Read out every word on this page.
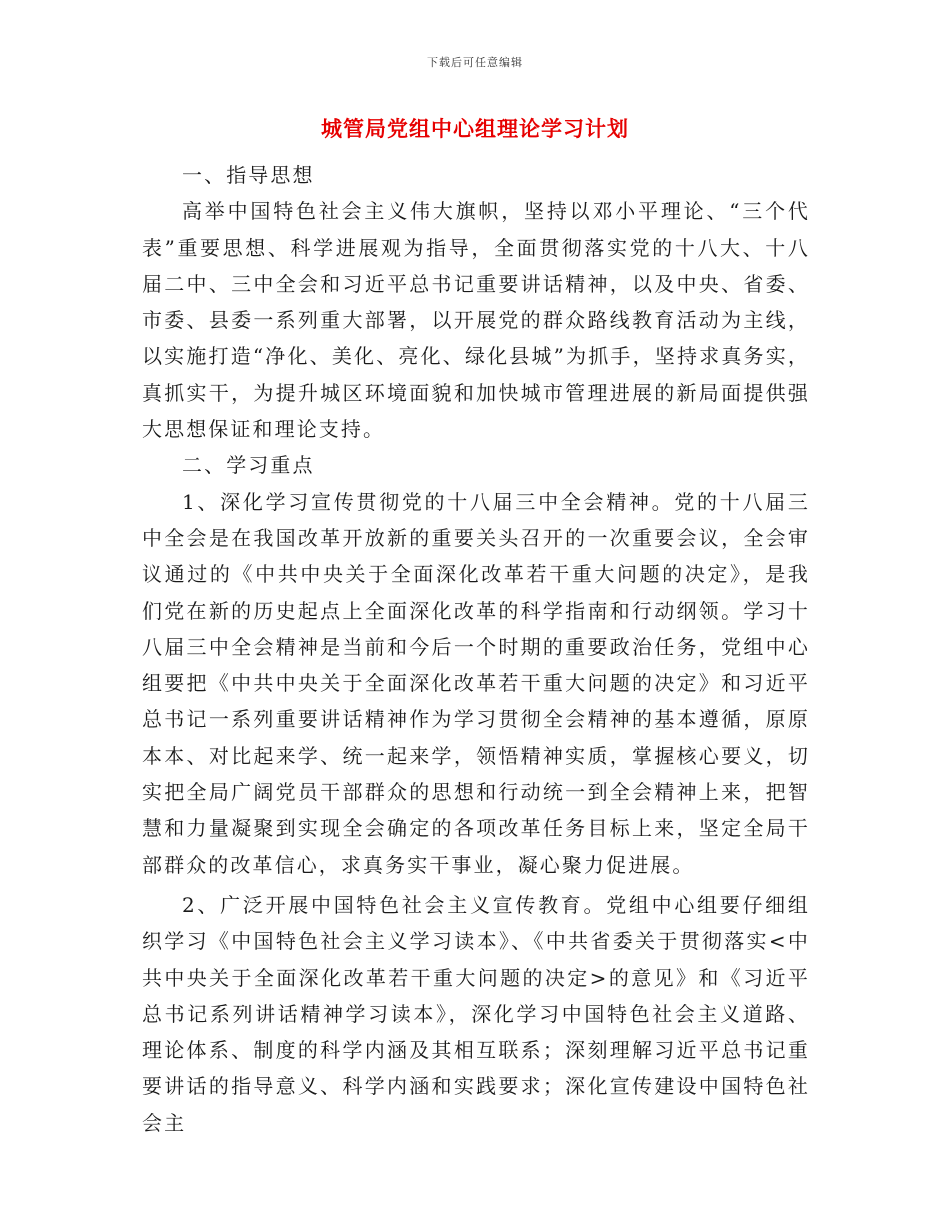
下载后可任意编辑
城管局党组中心组理论学习计划

一、指导思想

高举中国特色社会主义伟大旗帜，坚持以邓小平理论、“三个代表”重要思想、科学进展观为指导，全面贯彻落实党的十八大、十八届二中、三中全会和习近平总书记重要讲话精神，以及中央、省委、市委、县委一系列重大部署，以开展党的群众路线教育活动为主线，以实施打造“净化、美化、亮化、绿化县城”为抓手，坚持求真务实，真抓实干，为提升城区环境面貌和加快城市管理进展的新局面提供强大思想保证和理论支持。

二、学习重点

1、深化学习宣传贯彻党的十八届三中全会精神。党的十八届三中全会是在我国改革开放新的重要关头召开的一次重要会议，全会审议通过的《中共中央关于全面深化改革若干重大问题的决定》，是我们党在新的历史起点上全面深化改革的科学指南和行动纲领。学习十八届三中全会精神是当前和今后一个时期的重要政治任务，党组中心组要把《中共中央关于全面深化改革若干重大问题的决定》和习近平总书记一系列重要讲话精神作为学习贯彻全会精神的基本遵循，原原本本、对比起来学、统一起来学，领悟精神实质，掌握核心要义，切实把全局广阔党员干部群众的思想和行动统一到全会精神上来，把智慧和力量凝聚到实现全会确定的各项改革任务目标上来，坚定全局干部群众的改革信心，求真务实干事业，凝心聚力促进展。

2、广泛开展中国特色社会主义宣传教育。党组中心组要仔细组织学习《中国特色社会主义学习读本》、《中共省委关于贯彻落实<中共中央关于全面深化改革若干重大问题的决定>的意见》和《习近平总书记系列讲话精神学习读本》，深化学习中国特色社会主义道路、理论体系、制度的科学内涵及其相互联系；深刻理解习近平总书记重要讲话的指导意义、科学内涵和实践要求；深化宣传建设中国特色社会主
